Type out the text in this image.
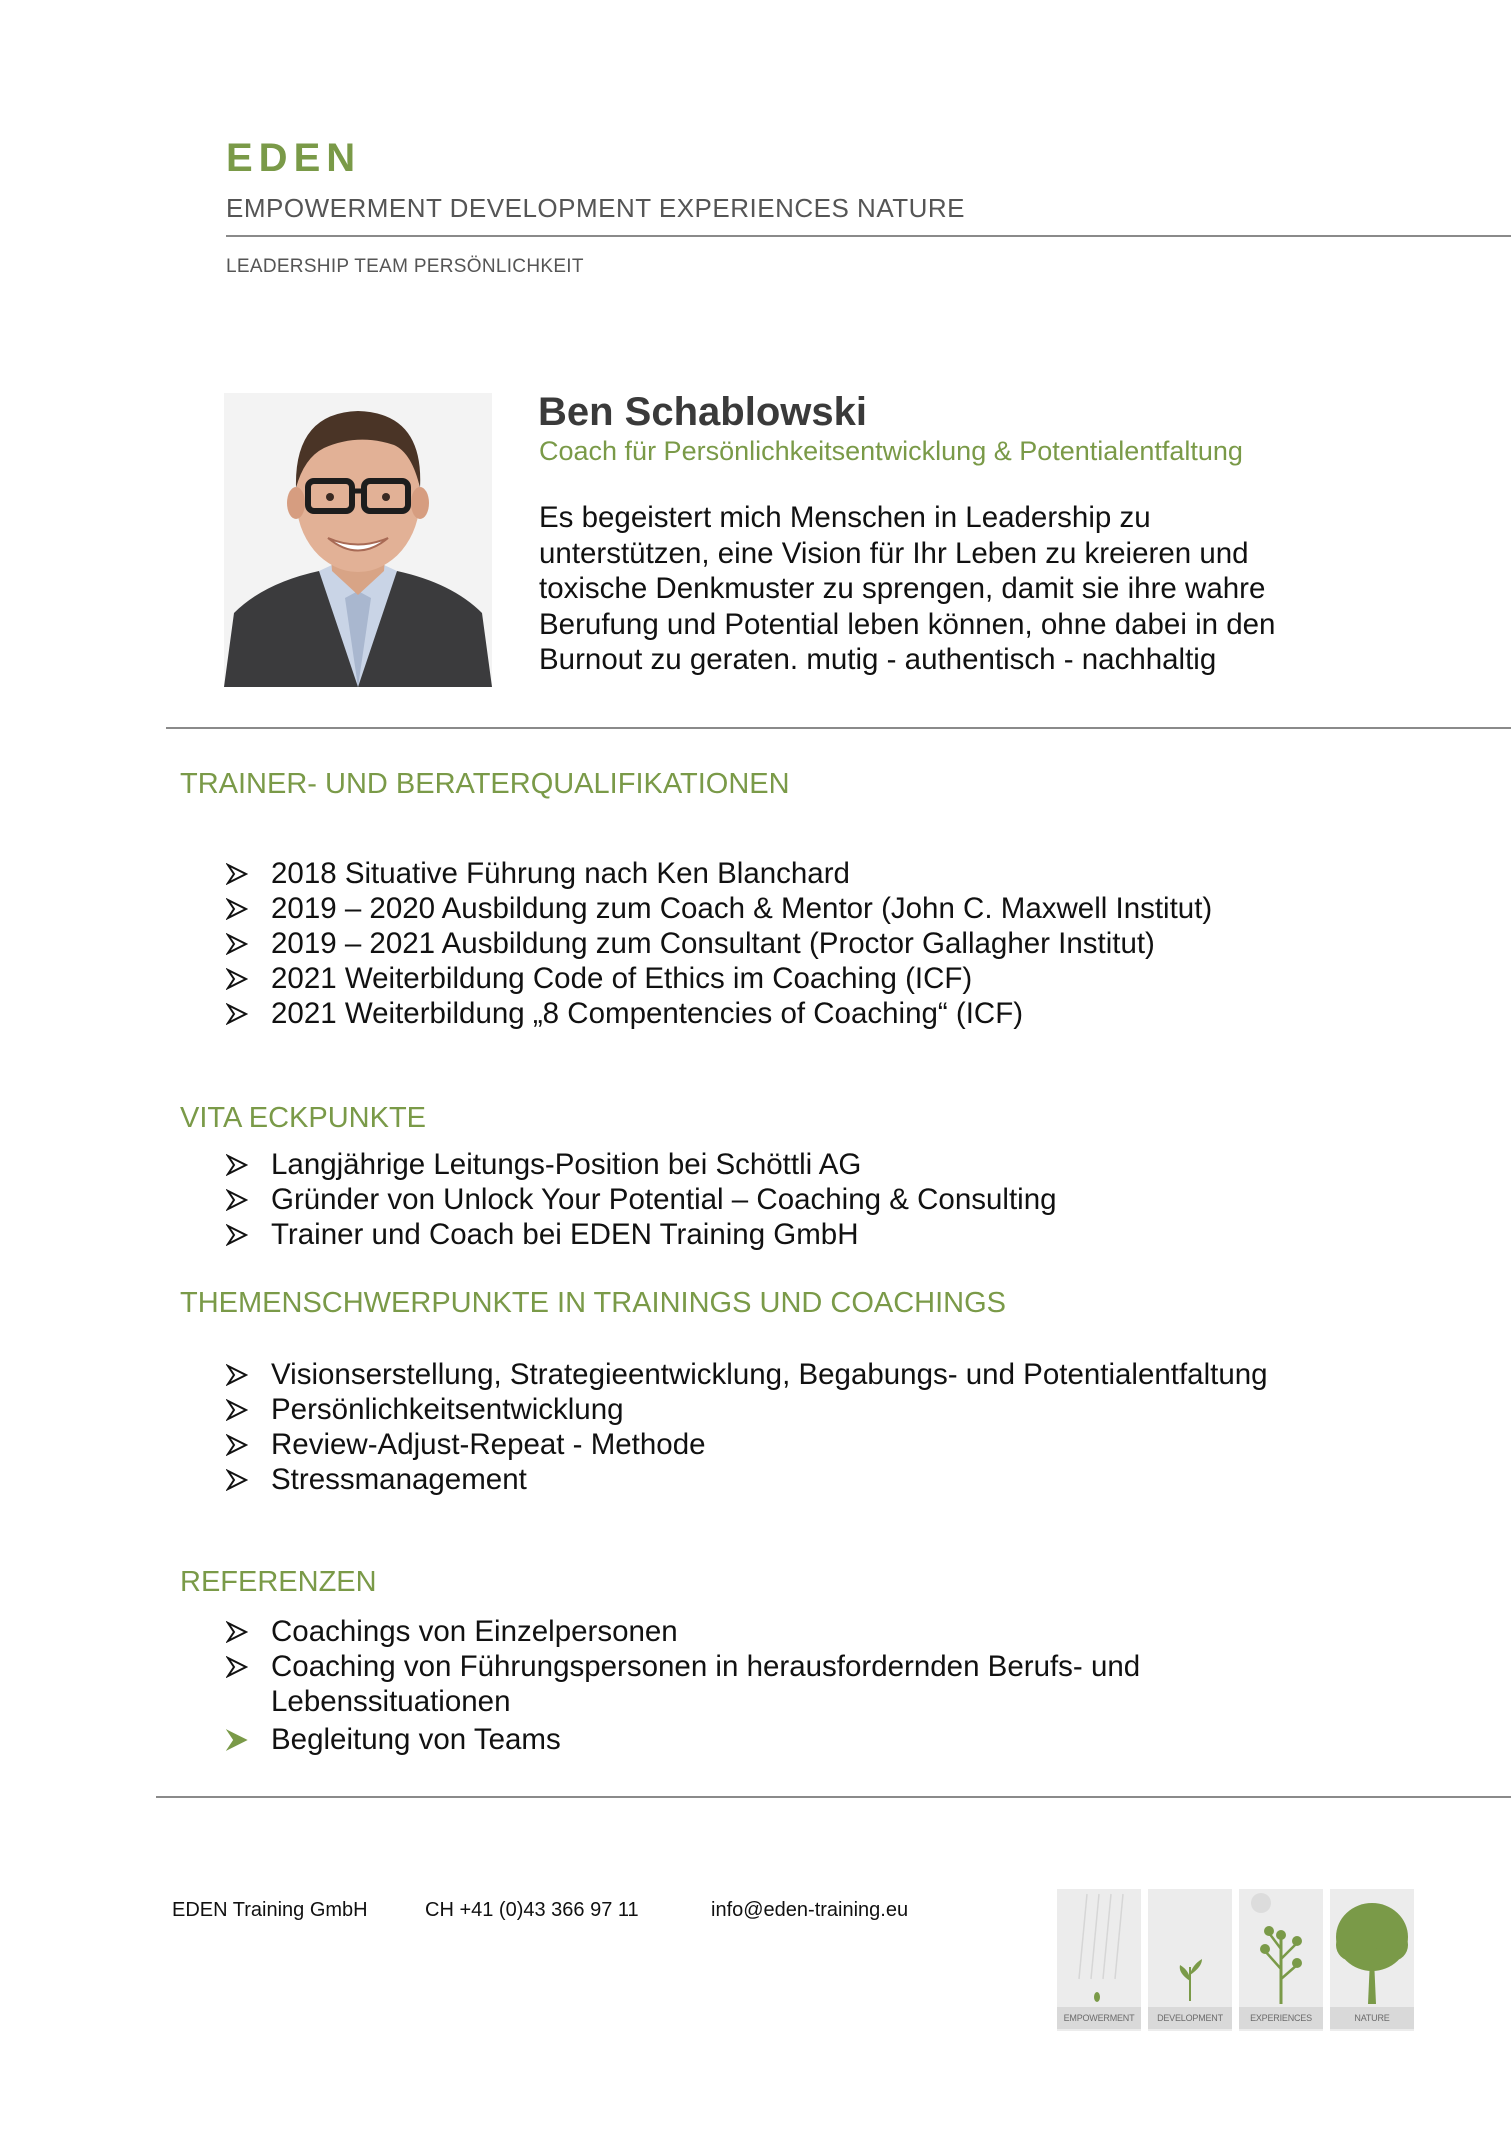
EDEN
EMPOWERMENT DEVELOPMENT EXPERIENCES NATURE
LEADERSHIP TEAM PERSÖNLICHKEIT
Ben Schablowski
Coach für Persönlichkeitsentwicklung & Potentialentfaltung
Es begeistert mich Menschen in Leadership zu
unterstützen, eine Vision für Ihr Leben zu kreieren und
toxische Denkmuster zu sprengen, damit sie ihre wahre
Berufung und Potential leben können, ohne dabei in den
Burnout zu geraten. mutig - authentisch - nachhaltig
TRAINER- UND BERATERQUALIFIKATIONEN
2018 Situative Führung nach Ken Blanchard
2019 – 2020 Ausbildung zum Coach & Mentor (John C. Maxwell Institut)
2019 – 2021 Ausbildung zum Consultant (Proctor Gallagher Institut)
2021 Weiterbildung Code of Ethics im Coaching (ICF)
2021 Weiterbildung „8 Compentencies of Coaching“ (ICF)
VITA ECKPUNKTE
Langjährige Leitungs-Position bei Schöttli AG
Gründer von Unlock Your Potential – Coaching & Consulting
Trainer und Coach bei EDEN Training GmbH
THEMENSCHWERPUNKTE IN TRAININGS UND COACHINGS
Visionserstellung, Strategieentwicklung, Begabungs- und Potentialentfaltung
Persönlichkeitsentwicklung
Review-Adjust-Repeat - Methode
Stressmanagement
REFERENZEN
Coachings von Einzelpersonen
Coaching von Führungspersonen in herausfordernden Berufs- und Lebenssituationen
Begleitung von Teams
EDEN Training GmbH	CH +41 (0)43 366 97 11	info@eden-training.eu
EMPOWERMENT	DEVELOPMENT	EXPERIENCES	NATURE
